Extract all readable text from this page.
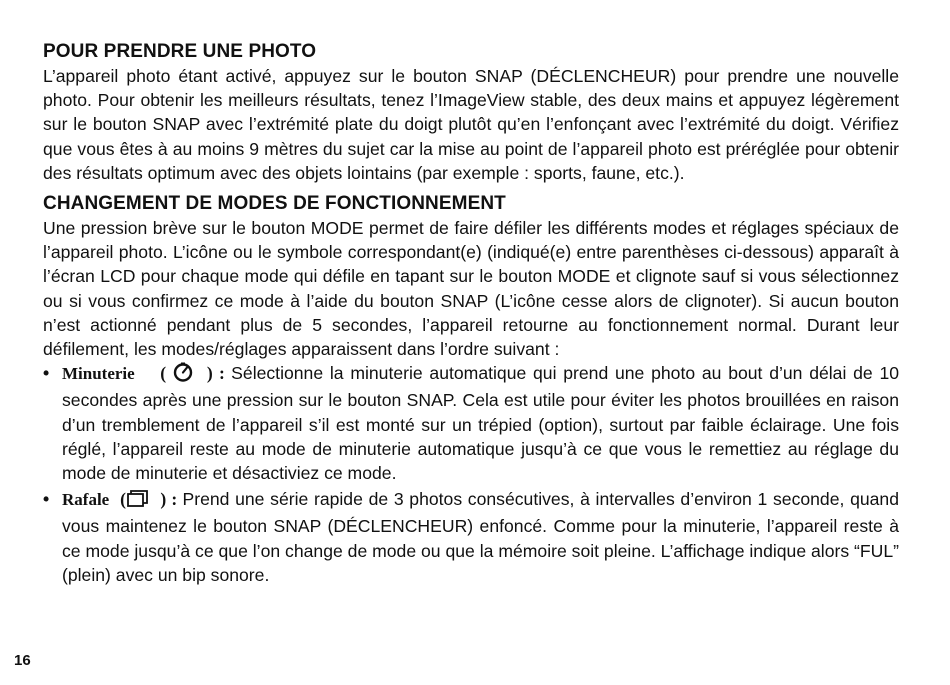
POUR PRENDRE UNE PHOTO

L’appareil photo étant activé, appuyez sur le bouton SNAP (DÉCLENCHEUR) pour prendre une nouvelle photo. Pour obtenir les meilleurs résultats, tenez l’ImageView stable, des deux mains et appuyez légèrement sur le bouton SNAP avec l’extrémité plate du doigt plutôt qu’en l’enfonçant avec l’extrémité du doigt. Vérifiez que vous êtes à au moins 9 mètres du sujet car la mise au point de l’appareil photo est préréglée pour obtenir des résultats optimum avec des objets lointains (par exemple : sports, faune, etc.).

CHANGEMENT DE MODES DE FONCTIONNEMENT

Une pression brève sur le bouton MODE permet de faire défiler les différents modes et réglages spéciaux de l’appareil photo. L’icône ou le symbole correspondant(e) (indiqué(e) entre parenthèses ci-dessous) apparaît à l’écran LCD pour chaque mode qui défile en tapant sur le bouton MODE et clignote sauf si vous sélectionnez ou si vous confirmez ce mode à l’aide du bouton SNAP (L’icône cesse alors de clignoter). Si aucun bouton n’est actionné pendant plus de 5 secondes, l’appareil retourne au fonctionnement normal. Durant leur défilement, les modes/réglages apparaissent dans l’ordre suivant :

• Minuterie    (   ) : Sélectionne la minuterie automatique qui prend une photo au bout d’un délai de 10 secondes après une pression sur le bouton SNAP. Cela est utile pour éviter les photos brouillées en raison d’un tremblement de l’appareil s’il est monté sur un trépied (option), surtout par faible éclairage. Une fois réglé, l’appareil reste au mode de minuterie automatique jusqu’à ce que vous le remettiez au réglage du mode de minuterie et désactiviez ce mode.
• Rafale  (  ) : Prend une série rapide de 3 photos consécutives, à intervalles d’environ 1 seconde, quand vous maintenez le bouton SNAP (DÉCLENCHEUR) enfoncé. Comme pour la minuterie, l’appareil reste à ce mode jusqu’à ce que l’on change de mode ou que la mémoire soit pleine. L’affichage indique alors “FUL” (plein) avec un bip sonore.
16
